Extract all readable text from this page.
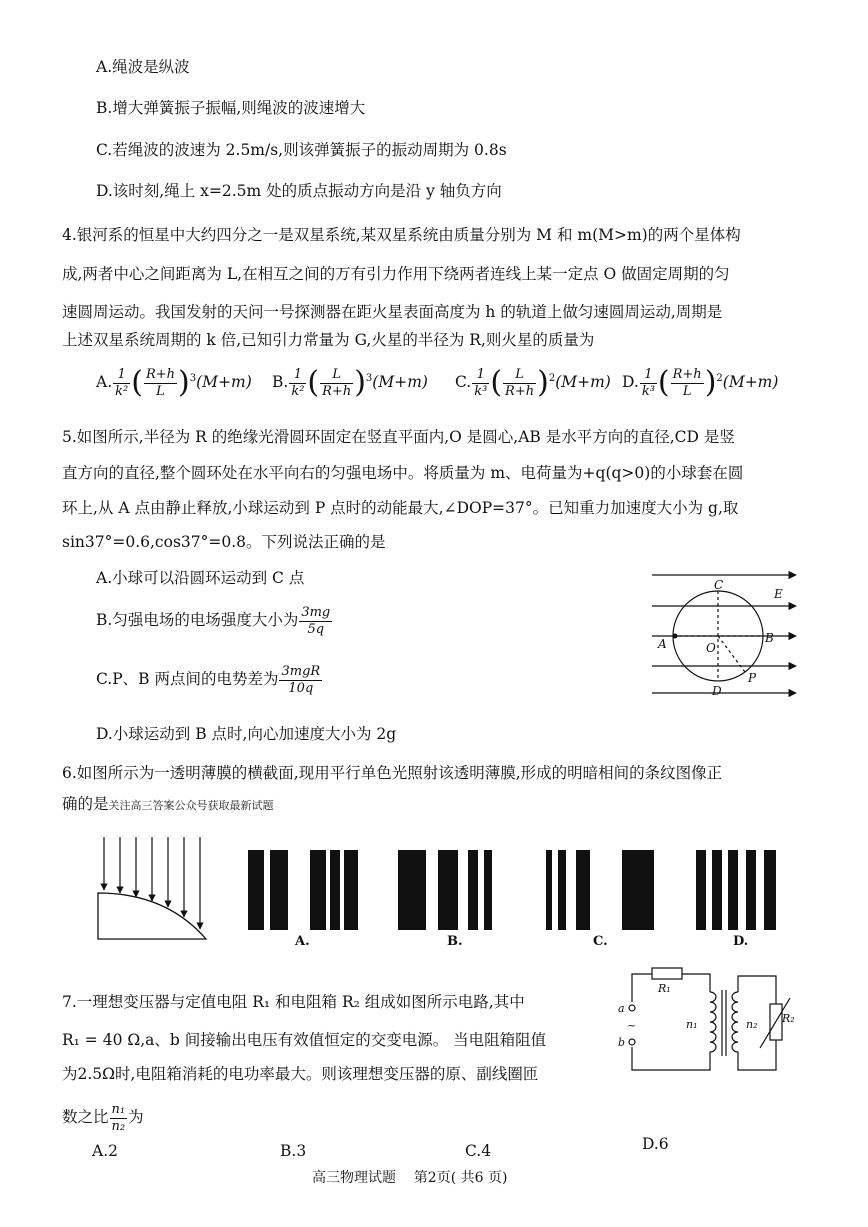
A.绳波是纵波
B.增大弹簧振子振幅,则绳波的波速增大
C.若绳波的波速为 2.5m/s,则该弹簧振子的振动周期为 0.8s
D.该时刻,绳上 x=2.5m 处的质点振动方向是沿 y 轴负方向
4.银河系的恒星中大约四分之一是双星系统,某双星系统由质量分别为 M 和 m(M>m)的两个星体构
成,两者中心之间距离为 L,在相互之间的万有引力作用下绕两者连线上某一定点 O 做固定周期的匀
速圆周运动。我国发射的天问一号探测器在距火星表面高度为 h 的轨道上做匀速圆周运动,周期是
上述双星系统周期的 k 倍,已知引力常量为 G,火星的半径为 R,则火星的质量为
A. $\frac{1}{\text{k²}}$ ( $\frac{R+h}{L} )^3(M+m)$ B. $\frac{1}{\text{k²}}$ ( $\frac{L}{R+h} )^3(M+m)$ C. $\frac{1}{\text{k³}}$ ( $\frac{L}{R+h} )^2(M+m)$ D. $\frac{1}{\text{k³}}$ ( $\frac{R+h}{L} )^2(M+m)$
5.如图所示,半径为 R 的绝缘光滑圆环固定在竖直平面内,O 是圆心,AB 是水平方向的直径,CD 是竖
直方向的直径,整个圆环处在水平向右的匀强电场中。将质量为 m、电荷量为+q(q>0)的小球套在圆
环上,从 A 点由静止释放,小球运动到 P 点时的动能最大,∠DOP=37°。已知重力加速度大小为 g,取
sin37°=0.6,cos37°=0.8。下列说法正确的是
A.小球可以沿圆环运动到 C 点
B.匀强电场的电场强度大小为 $\frac{3mg}{5q}$
C.P、B 两点间的电势差为 $\frac{\text{3mgR}}{10q}$
D.小球运动到 B 点时,向心加速度大小为 2g
C
E
A	O
B
P
D
6.如图所示为一透明薄膜的横截面,现用平行单色光照射该透明薄膜,形成的明暗相间的条纹图像正
确的是关注高三答案公众号获取最新试题
A.	B.	C.	D.
7.一理想变压器与定值电阻 R₁ 和电阻箱 R₂ 组成如图所示电路,其中
R₁ = 40 Ω,a、b 间接输出电压有效值恒定的交变电源。 当电阻箱阻值
为2.5Ω时,电阻箱消耗的电功率最大。则该理想变压器的原、副线圈匝
数之比 $\frac{\text{n₁}}{\text{n₂}}$ 为
R₁
R₂
n₁	n₂
a
b
~
A.2	B.3	C.4	D.6
高三物理试题    第2页( 共6 页)
